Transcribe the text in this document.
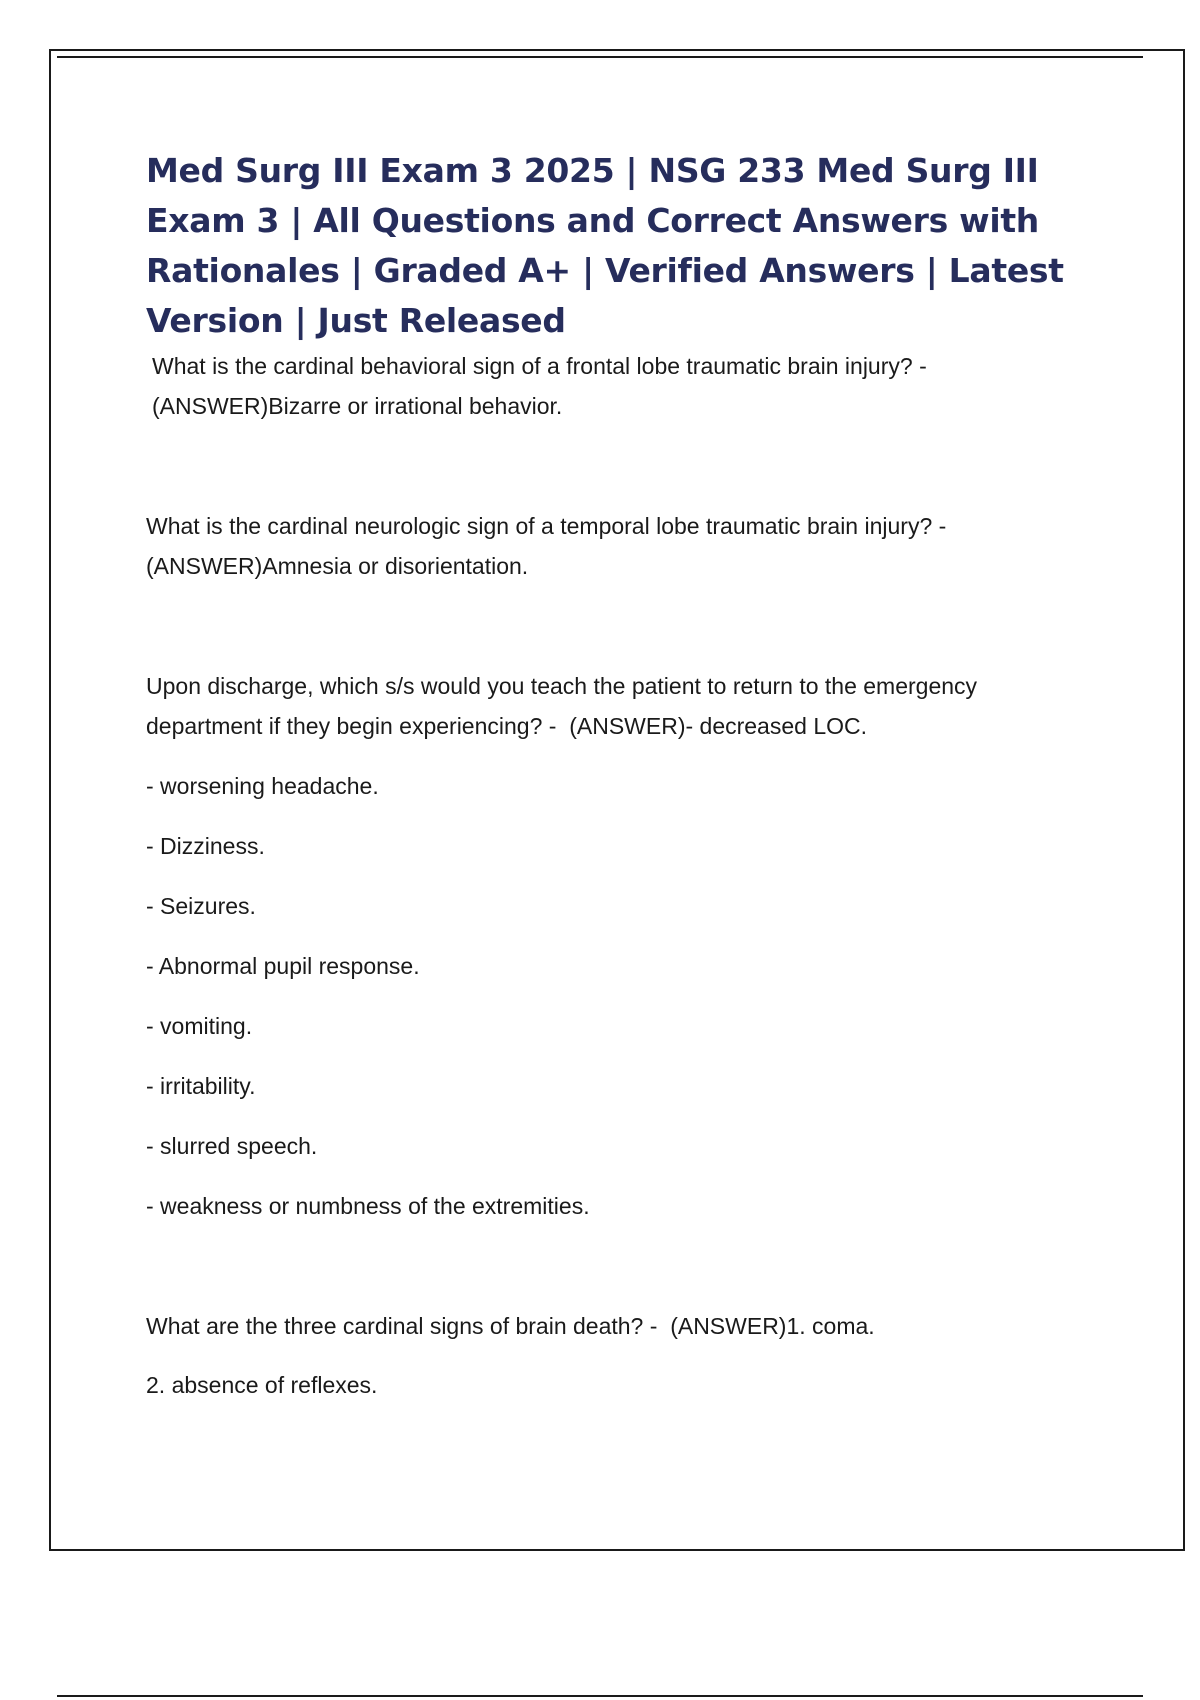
Med Surg III Exam 3 2025 | NSG 233 Med Surg III Exam 3 | All Questions and Correct Answers with Rationales | Graded A+ | Verified Answers | Latest Version | Just Released

What is the cardinal behavioral sign of a frontal lobe traumatic brain injury? - (ANSWER)Bizarre or irrational behavior.

What is the cardinal neurologic sign of a temporal lobe traumatic brain injury? - (ANSWER)Amnesia or disorientation.

Upon discharge, which s/s would you teach the patient to return to the emergency department if they begin experiencing? - (ANSWER)- decreased LOC.

- worsening headache.

- Dizziness.

- Seizures.

- Abnormal pupil response.

- vomiting.

- irritability.

- slurred speech.

- weakness or numbness of the extremities.

What are the three cardinal signs of brain death? - (ANSWER)1. coma.

2. absence of reflexes.
